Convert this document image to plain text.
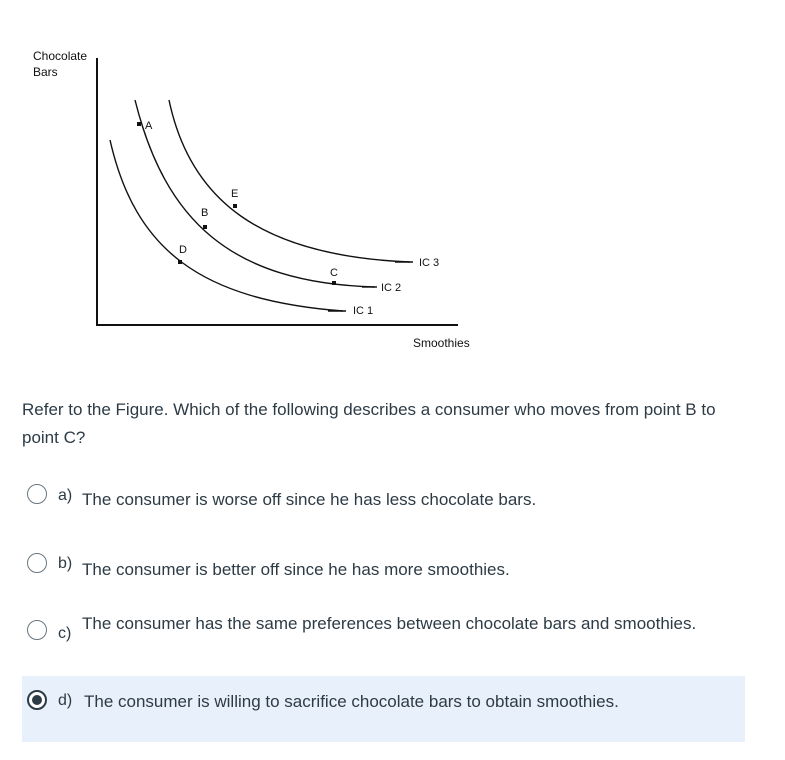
Chocolate
Bars
Smoothies
IC 1
IC 2
IC 3
A
B
C
D
E
Refer to the Figure. Which of the following describes a consumer who moves from point B to point C?
a) The consumer is worse off since he has less chocolate bars.
b) The consumer is better off since he has more smoothies.
c)
The consumer has the same preferences between chocolate bars and smoothies.
d) The consumer is willing to sacrifice chocolate bars to obtain smoothies.
